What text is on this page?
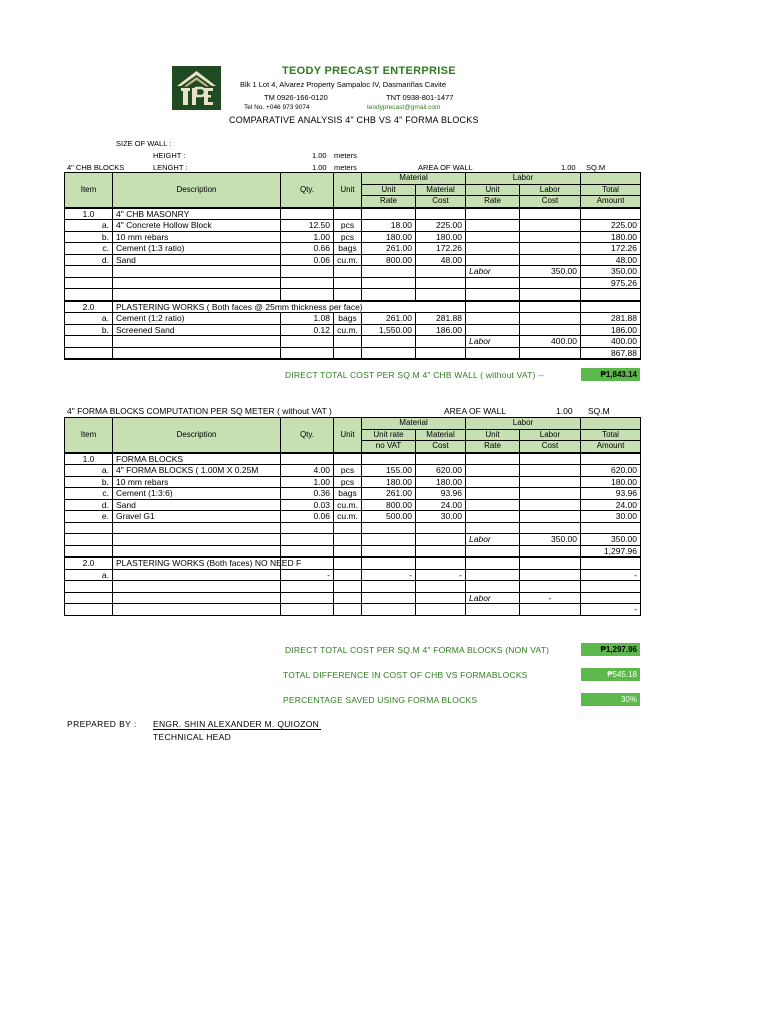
TEODY PRECAST ENTERPRISE
Blk 1 Lot 4, Alvarez Property Sampaloc IV, Dasmariñas Cavite
TM 0926-166-0120	TNT 0938-801-1477
Tel No. +046 973 9074	teodyprecast@gmail.com
COMPARATIVE ANALYSIS 4" CHB VS 4" FORMA BLOCKS
SIZE OF WALL :
HEIGHT :	1.00 meters
4" CHB BLOCKS	LENGHT :	1.00 meters	AREA OF WALL	1.00 SQ.M
Item	Description	Qty.	Unit	Material		Labor		
				Unit	Material	Unit	Labor	Total
				Rate	Cost	Rate	Cost	Amount
1.0	4" CHB MASONRY							
a.	4" Concrete Hollow Block	12.50	pcs	18.00	225.00			225.00
b.	10 mm rebars	1.00	pcs	180.00	180.00			180.00
c.	Cement (1:3 ratio)	0.66	bags	261.00	172.26			172.26
d.	Sand	0.06	cu.m.	800.00	48.00			48.00
						Labor	350.00	350.00
								975.26

2.0	PLASTERING WORKS ( Both faces @ 25mm thickness per face)							
a.	Cement (1:2 ratio)	1.08	bags	261.00	281.88			281.88
b.	Screened Sand	0.12	cu.m.	1,550.00	186.00			186.00
						Labor	400.00	400.00
								867.88
DIRECT TOTAL COST PER SQ.M 4" CHB WALL ( without VAT) --	₱1,843.14
4" FORMA BLOCKS COMPUTATION PER SQ METER ( without VAT )	AREA OF WALL	1.00 SQ.M
Item	Description	Qty.	Unit	Material		Labor		
				Unit rate	Material	Unit	Labor	Total
				no VAT	Cost	Rate	Cost	Amount
1.0	FORMA BLOCKS							
a.	4" FORMA BLOCKS ( 1.00M X 0.25M	4.00	pcs	155.00	620.00			620.00
b.	10 mm rebars	1.00	pcs	180.00	180.00			180.00
c.	Cement (1:3:6)	0.36	bags	261.00	93.96			93.96
d.	Sand	0.03	cu.m.	800.00	24.00			24.00
e.	Gravel G1	0.06	cu.m.	500.00	30.00			30.00

						Labor	350.00	350.00
								1,297.96
2.0	PLASTERING WORKS (Both faces) NO NEED F							
a.		-		-	-			-

						Labor	-	
								-
DIRECT TOTAL COST PER SQ.M 4" FORMA BLOCKS (NON VAT)	₱1,297.96
TOTAL DIFFERENCE IN COST OF CHB VS FORMABLOCKS	₱545.18
PERCENTAGE SAVED USING FORMA BLOCKS	30%
PREPARED BY : ENGR. SHIN ALEXANDER M. QUIOZON
TECHNICAL HEAD
